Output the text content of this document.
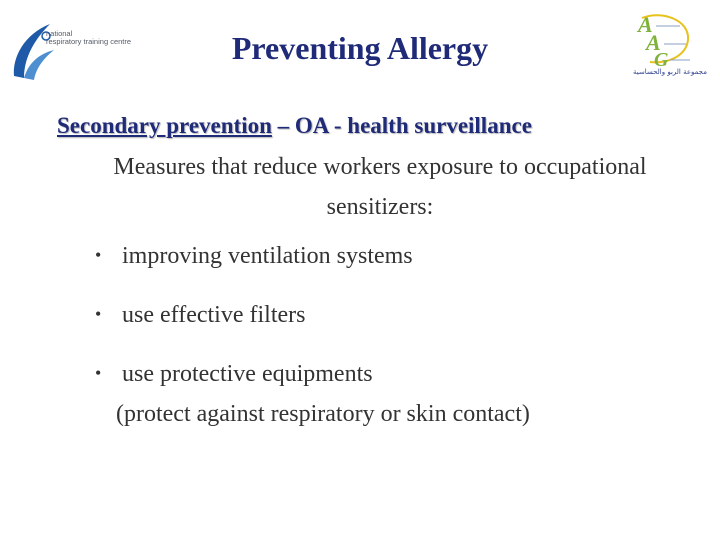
national
respiratory training centre
A
A
G
مجموعة الربو والحساسية
Preventing Allergy
Secondary prevention – OA - health surveillance
Measures that reduce workers exposure to occupational
sensitizers:
• improving ventilation systems
• use effective filters
• use protective equipments
(protect against respiratory or skin contact)
